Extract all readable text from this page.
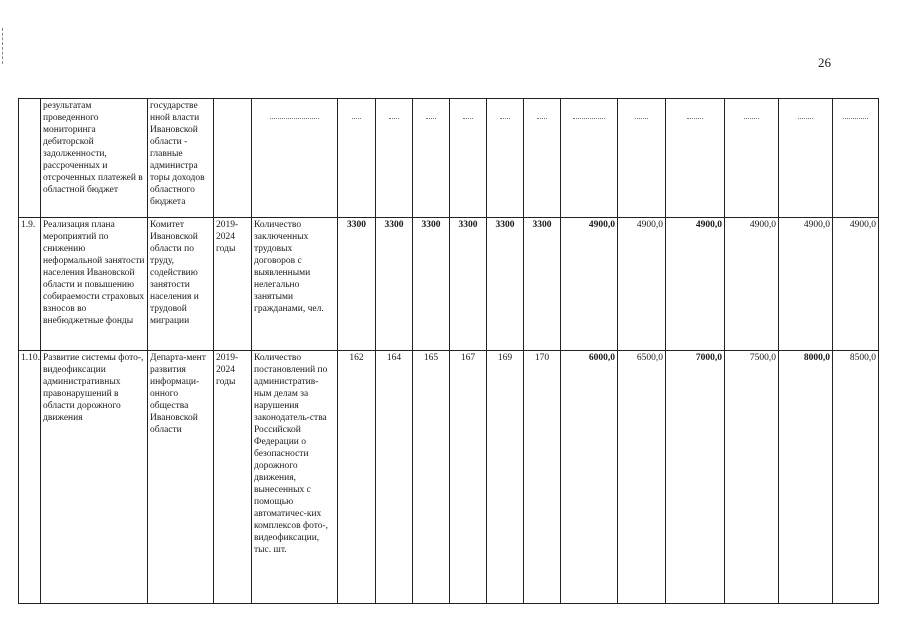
26
	результатам проведенного мониторинга дебиторской задолженности, рассроченных и отсроченных платежей в областной бюджет	государстве нной власти Ивановской области - главные администра торы доходов областного бюджета		

1.9.	Реализация плана мероприятий по снижению неформальной занятости населения Ивановской области и повышению собираемости страховых взносов во внебюджетные фонды	Комитет Ивановской области по труду, содействию занятости населения и трудовой миграции	2019-2024 годы	Количество заключенных трудовых договоров с выявленными нелегально занятыми гражданами, чел.	3300	3300	3300	3300	3300	3300	4900,0	4900,0	4900,0	4900,0	4900,0	4900,0
1.10.	Развитие системы фото-, видеофиксации административных правонарушений в области дорожного движения	Департа-мент развития информаци-онного общества Ивановской области	2019-2024 годы	Количество постановлений по административ-ным делам за нарушения законодатель-ства Российской Федерации о безопасности дорожного движения, вынесенных с помощью автоматичес-ких комплексов фото-, видеофиксации, тыс. шт.	162	164	165	167	169	170	6000,0	6500,0	7000,0	7500,0	8000,0	8500,0
